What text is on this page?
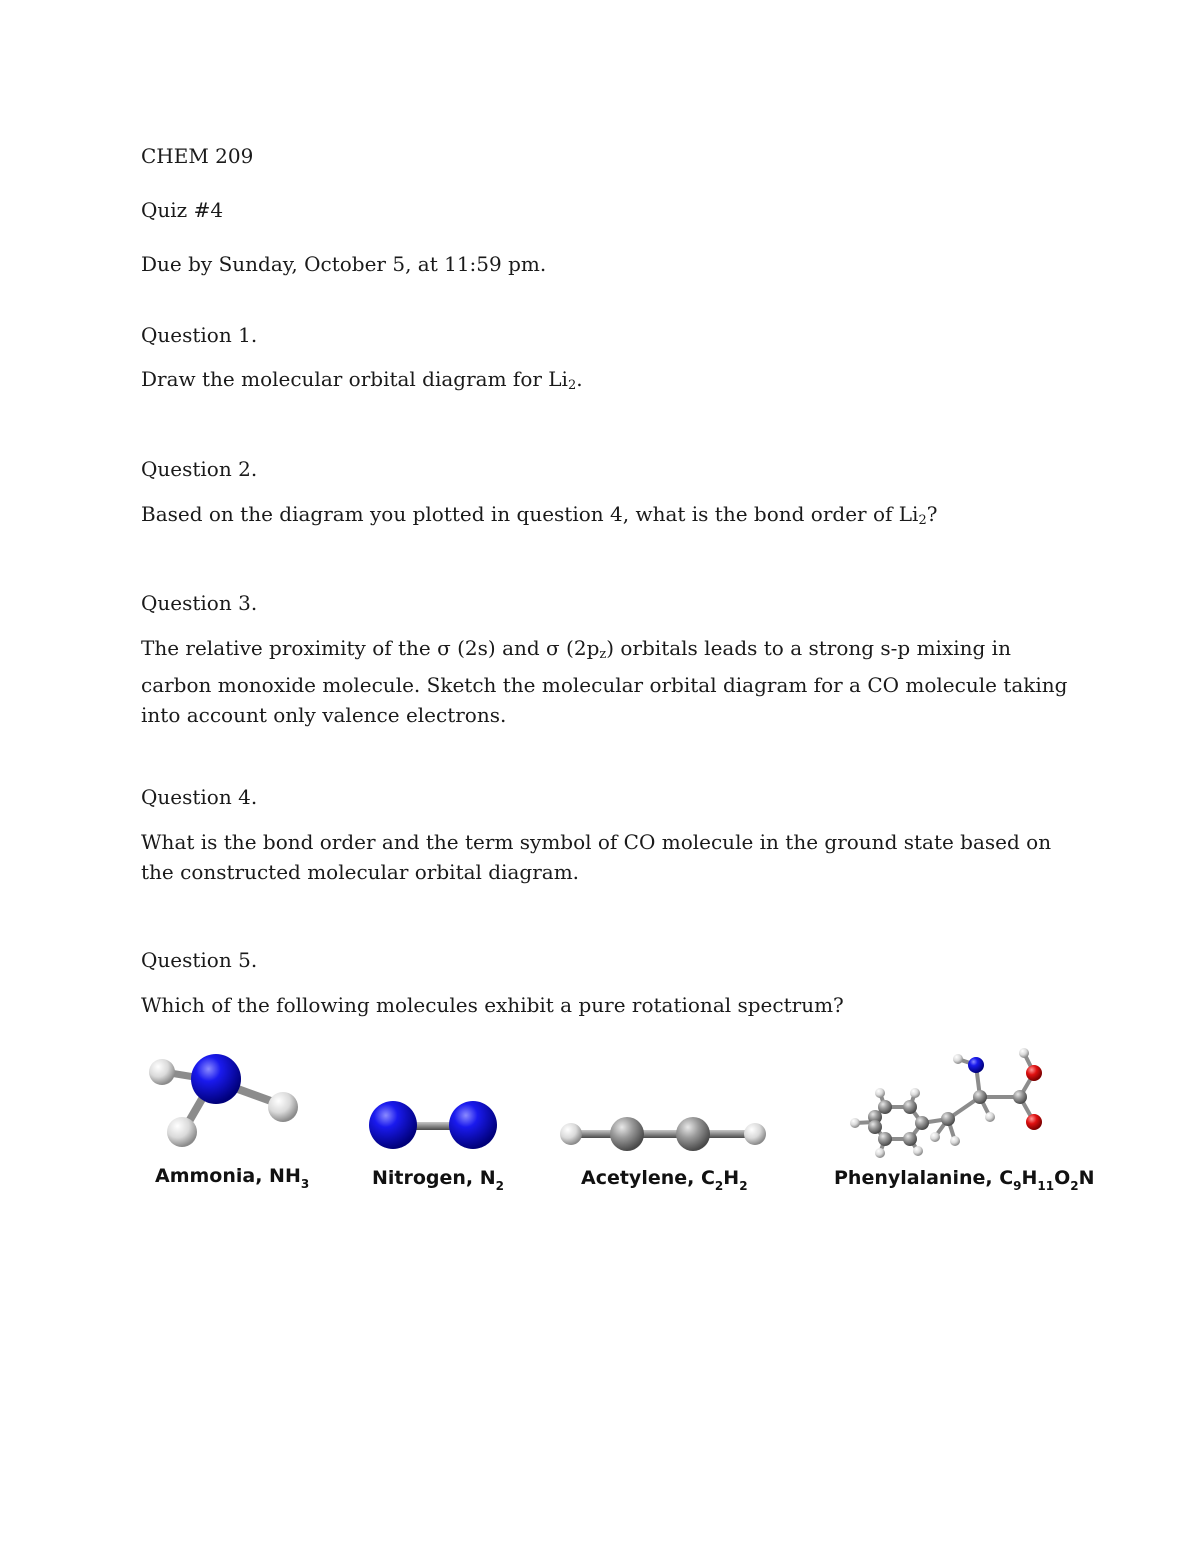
CHEM 209
Quiz #4
Due by Sunday, October 5, at 11:59 pm.
Question 1.
Draw the molecular orbital diagram for $Li_2$.
Question 2.
Based on the diagram you plotted in question 4, what is the bond order of $Li_2$?
Question 3.
The relative proximity of the σ (2s) and σ $(2p_z)$ orbitals leads to a strong s-p mixing in carbon monoxide molecule. Sketch the molecular orbital diagram for a CO molecule taking into account only valence electrons.
Question 4.
What is the bond order and the term symbol of CO molecule in the ground state based on the constructed molecular orbital diagram.
Question 5.
Which of the following molecules exhibit a pure rotational spectrum?
Ammonia, $NH_3$	Nitrogen, $N_2$	Acetylene, $C_2H_2$	Phenylalanine, $C_9H_{11}O_2N$
